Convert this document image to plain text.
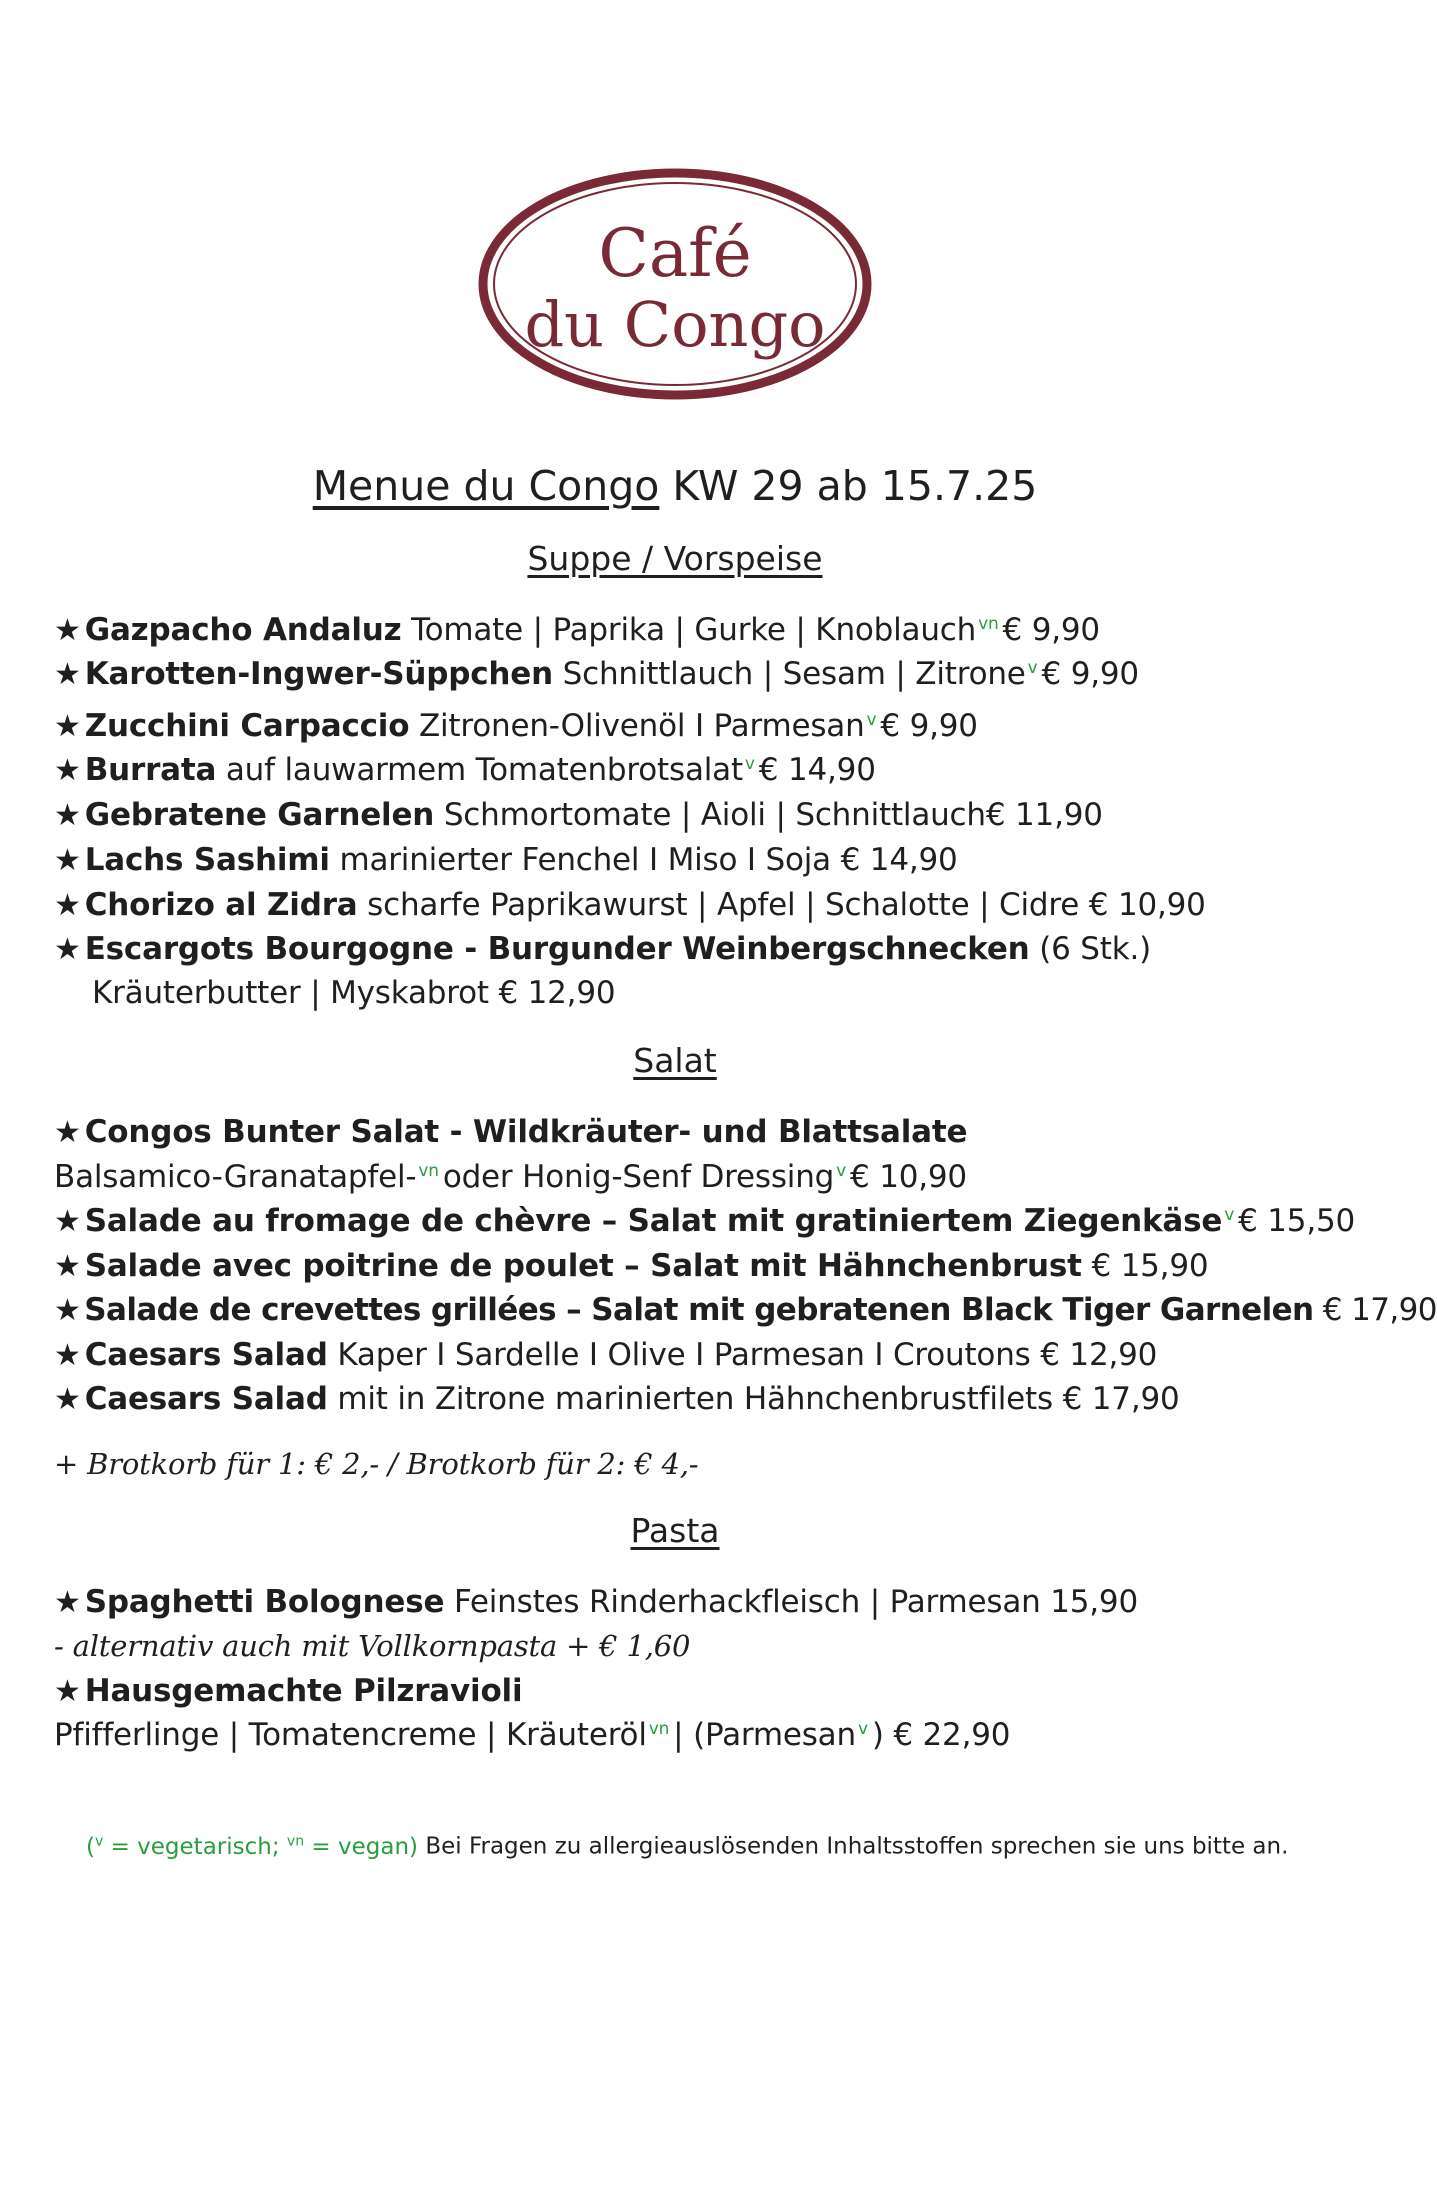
Café
du Congo
Menue du Congo KW 29 ab 15.7.25
Suppe / Vorspeise
★ Gazpacho Andaluz Tomate | Paprika | Gurke | Knoblauch $^{vn}$ € 9,90
★ Karotten-Ingwer-Süppchen Schnittlauch | Sesam | Zitrone $^v$ € 9,90
★ Zucchini Carpaccio Zitronen-Olivenöl I Parmesan $^v$ € 9,90
★ Burrata auf lauwarmem Tomatenbrotsalat $^v$ € 14,90
★ Gebratene Garnelen Schmortomate | Aioli | Schnittlauch€ 11,90
★ Lachs Sashimi marinierter Fenchel I Miso I Soja € 14,90
★ Chorizo al Zidra scharfe Paprikawurst | Apfel | Schalotte | Cidre € 10,90
★ Escargots Bourgogne - Burgunder Weinbergschnecken (6 Stk.)
Kräuterbutter | Myskabrot € 12,90
Salat
★ Congos Bunter Salat - Wildkräuter- und Blattsalate
Balsamico-Granatapfel- $^{vn}$ oder Honig-Senf Dressing $^v$ € 10,90
★ Salade au fromage de chèvre – Salat mit gratiniertem Ziegenkäse $^v$ € 15,50
★ Salade avec poitrine de poulet – Salat mit Hähnchenbrust € 15,90
★ Salade de crevettes grillées – Salat mit gebratenen Black Tiger Garnelen € 17,90
★ Caesars Salad Kaper I Sardelle I Olive I Parmesan I Croutons € 12,90
★ Caesars Salad mit in Zitrone marinierten Hähnchenbrustfilets € 17,90
+ Brotkorb für 1: € 2,- / Brotkorb für 2: € 4,-
Pasta
★ Spaghetti Bolognese Feinstes Rinderhackfleisch | Parmesan 15,90
- alternativ auch mit Vollkornpasta + € 1,60
★ Hausgemachte Pilzravioli
Pfifferlinge | Tomatencreme | Kräuteröl $^{vn}$ | (Parmesan $^v$ ) € 22,90
($^v$ = vegetarisch; $^{vn}$ = vegan) Bei Fragen zu allergieauslösenden Inhaltsstoffen sprechen sie uns bitte an.
